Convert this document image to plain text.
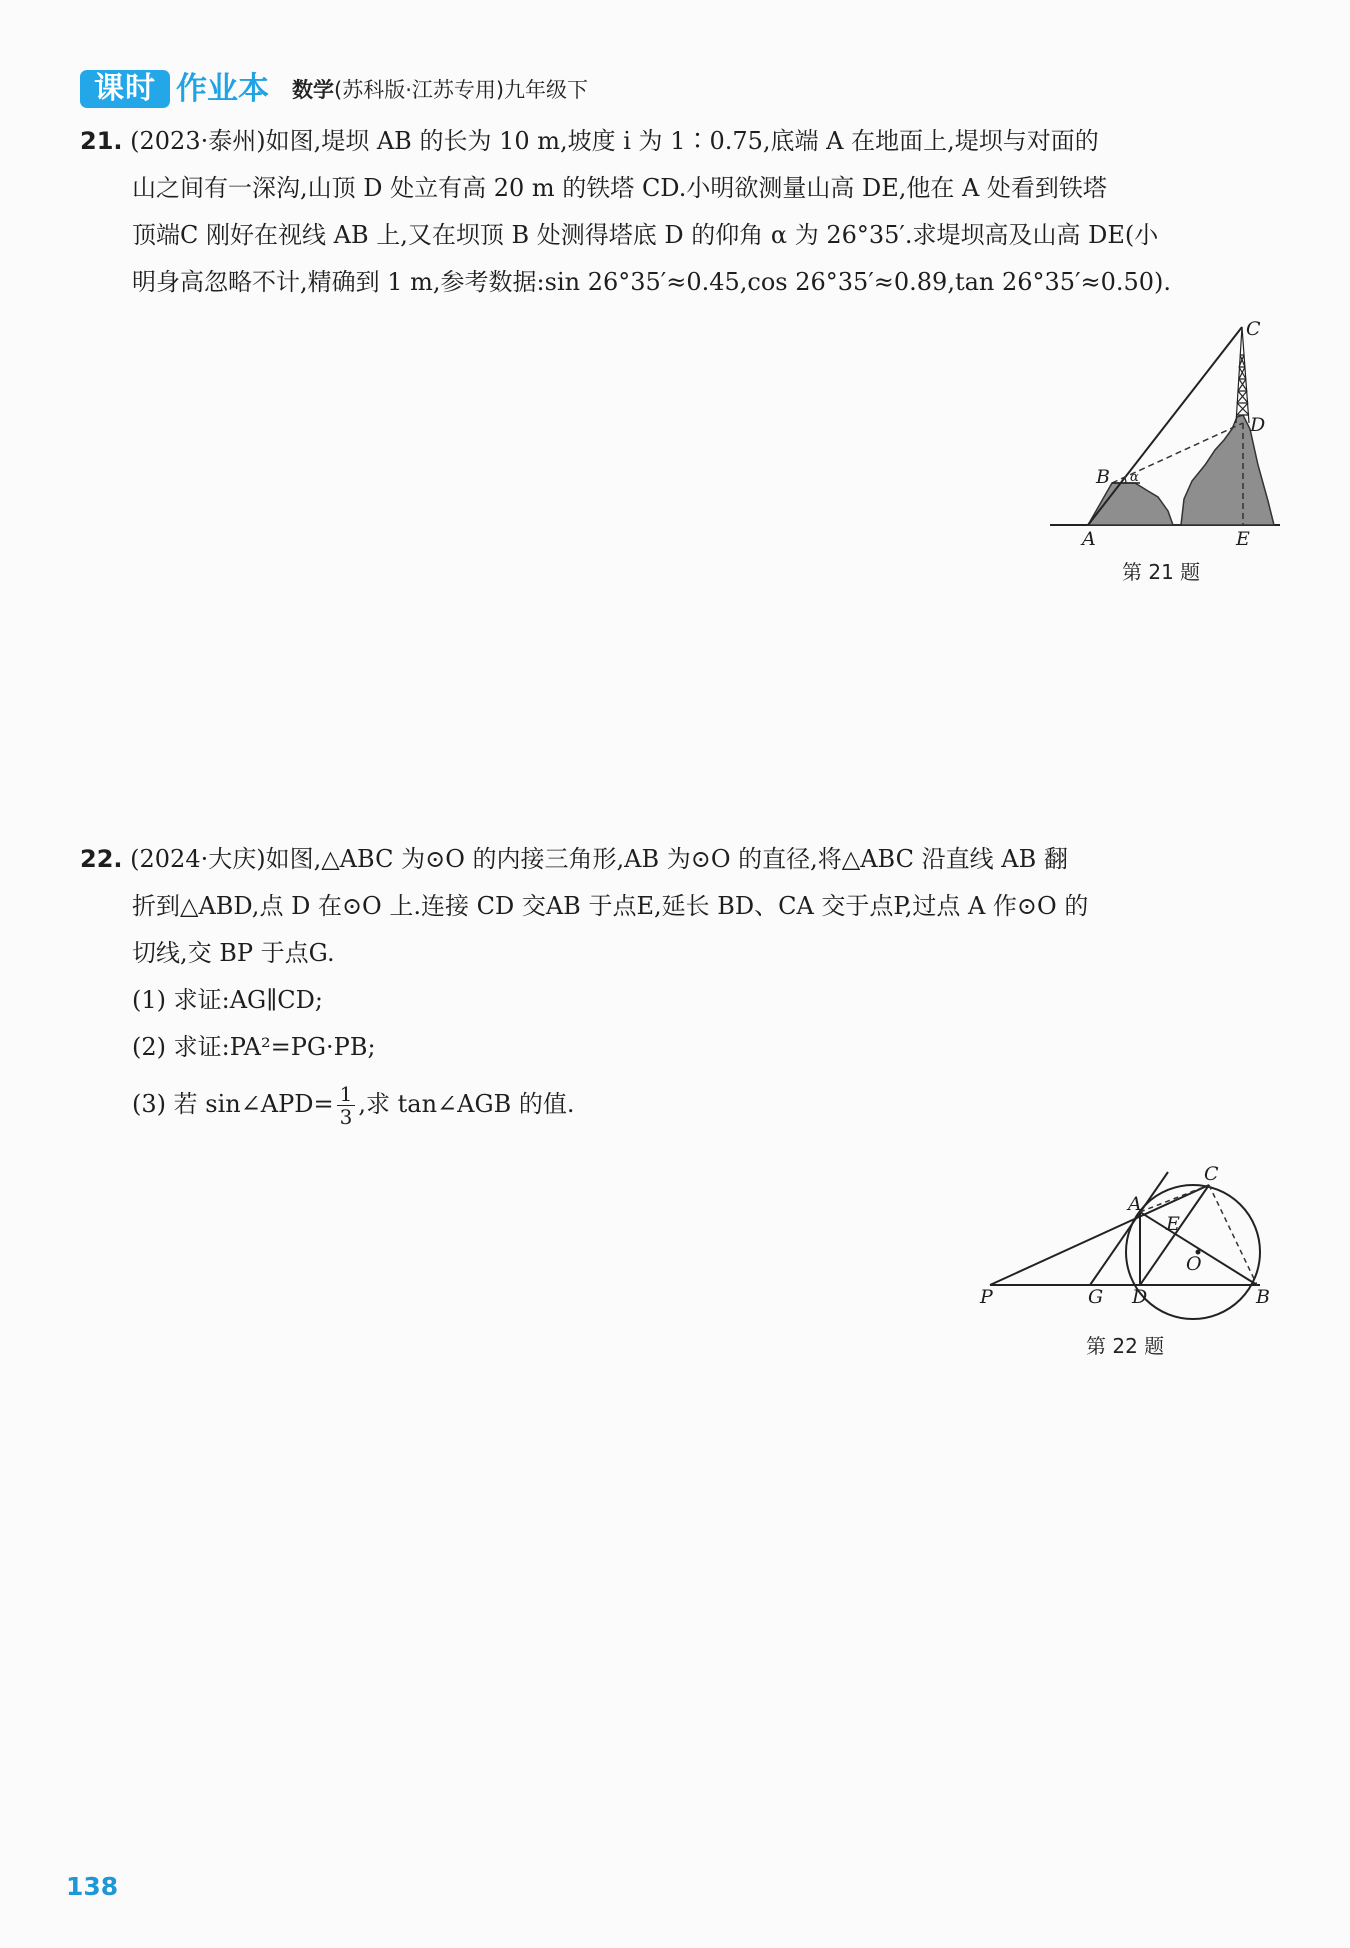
课时 作业本 数学(苏科版·江苏专用)九年级下
21. (2023·泰州)如图,堤坝 AB 的长为 10 m,坡度 i 为 1∶0.75,底端 A 在地面上,堤坝与对面的
山之间有一深沟,山顶 D 处立有高 20 m 的铁塔 CD.小明欲测量山高 DE,他在 A 处看到铁塔
顶端C 刚好在视线 AB 上,又在坝顶 B 处测得塔底 D 的仰角 α 为 26°35′.求堤坝高及山高 DE(小
明身高忽略不计,精确到 1 m,参考数据:sin 26°35′≈0.45,cos 26°35′≈0.89,tan 26°35′≈0.50).
C
D
B α
A	E
第 21 题
22. (2024·大庆)如图,△ABC 为⊙O 的内接三角形,AB 为⊙O 的直径,将△ABC 沿直线 AB 翻
折到△ABD,点 D 在⊙O 上.连接 CD 交AB 于点E,延长 BD、CA 交于点P,过点 A 作⊙O 的
切线,交 BP 于点G.
(1) 求证:AG∥CD;
(2) 求证:PA²=PG·PB;
(3) 若 sin∠APD= $\frac{1}{3}$ ,求 tan∠AGB 的值.
A
C
E
O
P	G D	B
第 22 题
138
